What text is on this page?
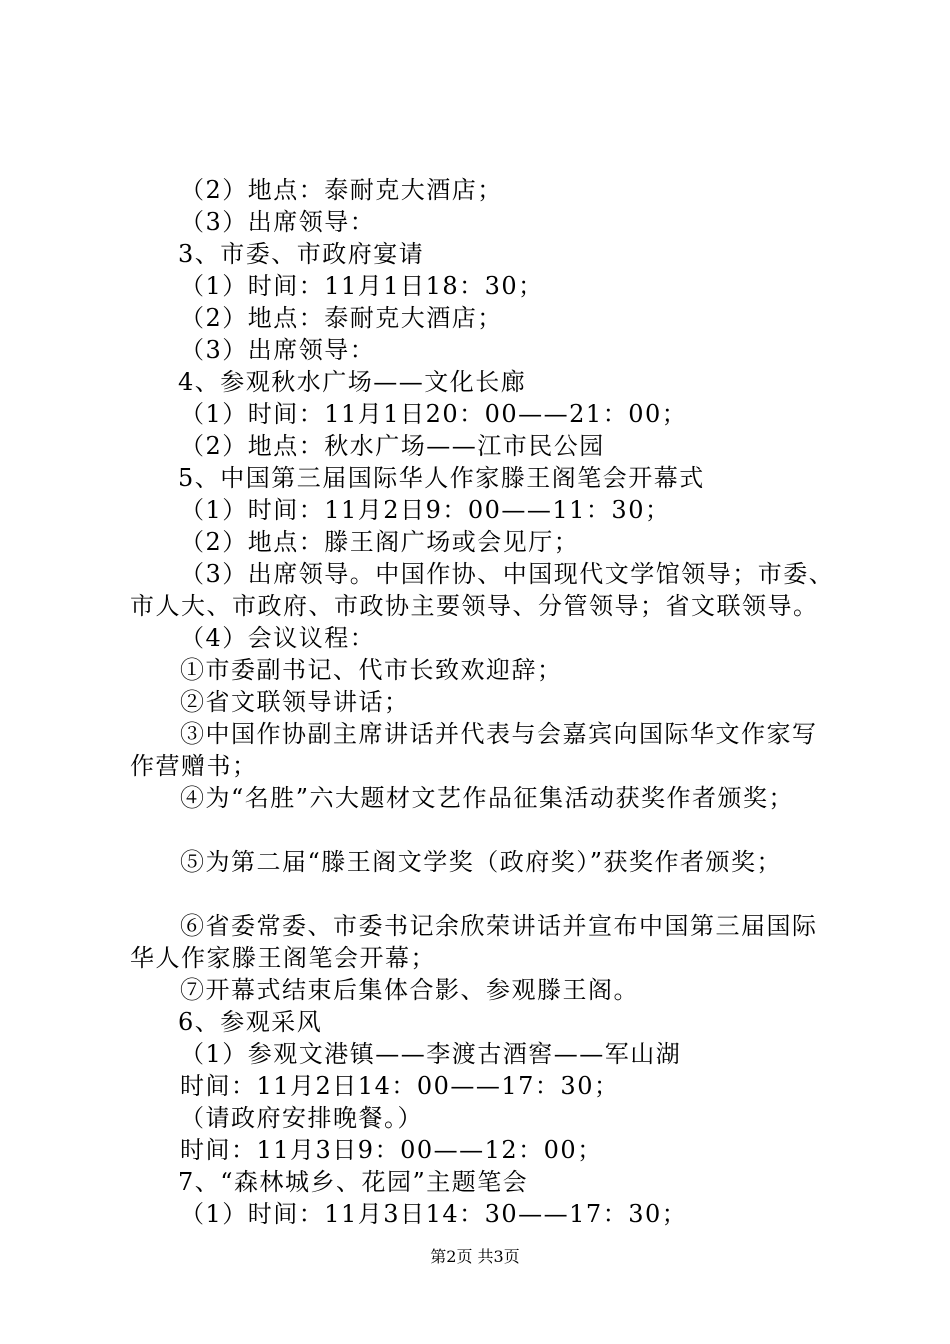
（2）地点：泰耐克大酒店；
（3）出席领导：
3、市委、市政府宴请
（1）时间：11月1日18：30；
（2）地点：泰耐克大酒店；
（3）出席领导：
4、参观秋水广场——文化长廊
（1）时间：11月1日20：00——21：00；
（2）地点：秋水广场——江市民公园
5、中国第三届国际华人作家滕王阁笔会开幕式
（1）时间：11月2日9：00——11：30；
（2）地点：滕王阁广场或会见厅；
（3）出席领导。中国作协、中国现代文学馆领导；市委、
市人大、市政府、市政协主要领导、分管领导；省文联领导。
（4）会议议程：
①市委副书记、代市长致欢迎辞；
②省文联领导讲话；
③中国作协副主席讲话并代表与会嘉宾向国际华文作家写
作营赠书；
④为“名胜”六大题材文艺作品征集活动获奖作者颁奖；
⑤为第二届“滕王阁文学奖（政府奖）”获奖作者颁奖；
⑥省委常委、市委书记余欣荣讲话并宣布中国第三届国际
华人作家滕王阁笔会开幕；
⑦开幕式结束后集体合影、参观滕王阁。
6、参观采风
（1）参观文港镇——李渡古酒窖——军山湖
时间：11月2日14：00——17：30；
（请政府安排晚餐。）
时间：11月3日9：00——12：00；
7、“森林城乡、花园”主题笔会
（1）时间：11月3日14：30——17：30；
第2页 共3页
